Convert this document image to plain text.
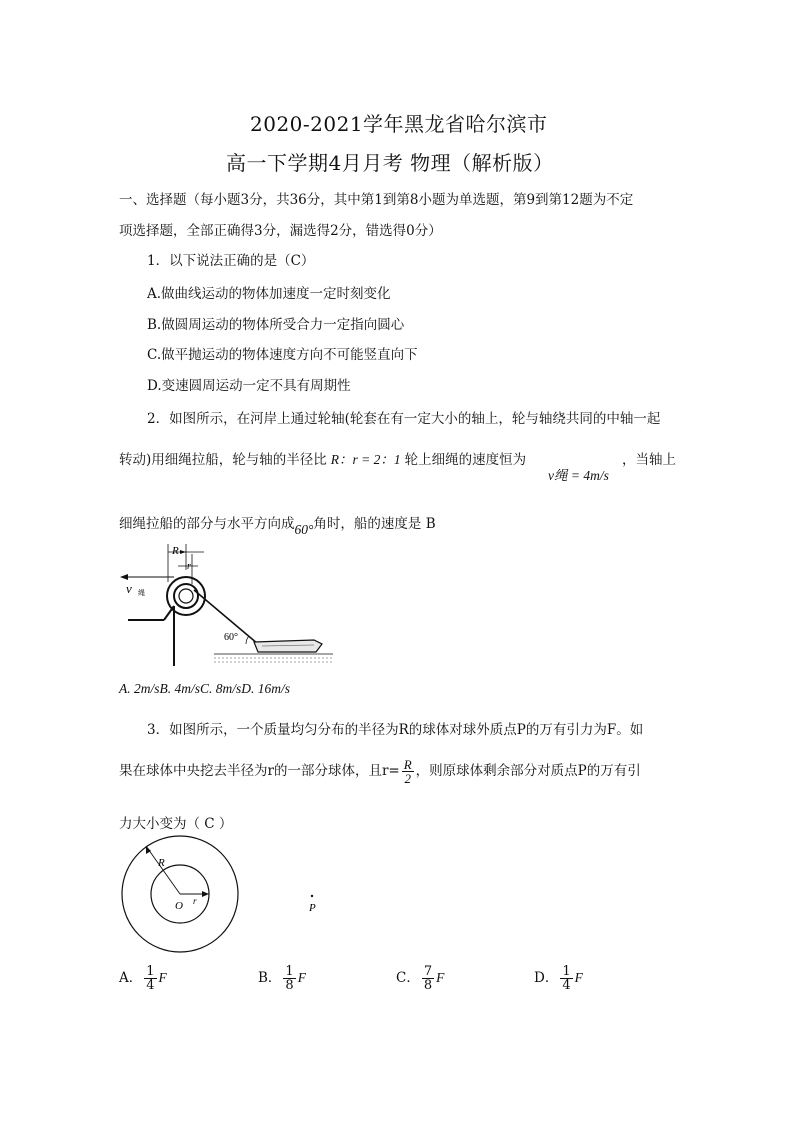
2020-2021学年黑龙省哈尔滨市
高一下学期4月月考 物理（解析版）
一、选择题（每小题3分，共36分，其中第1到第8小题为单选题，第9到第12题为不定
项选择题，全部正确得3分，漏选得2分，错选得0分）
1．以下说法正确的是（C）
A.做曲线运动的物体加速度一定时刻变化
B.做圆周运动的物体所受合力一定指向圆心
C.做平抛运动的物体速度方向不可能竖直向下
D.变速圆周运动一定不具有周期性
2．如图所示，在河岸上通过轮轴(轮套在有一定大小的轴上，轮与轴绕共同的中轴一起
转动)用细绳拉船，轮与轴的半径比 R：r = 2：1 轮上细绳的速度恒为
v绳 = 4m/s
，当轴上
细绳拉船的部分与水平方向成60°角时，船的速度是 B
R
r
v 绳
60°
A. 2m/sB. 4m/sC. 8m/sD. 16m/s
3．如图所示，一个质量均匀分布的半径为R的球体对球外质点P的万有引力为F。如
果在球体中央挖去半径为r的一部分球体，且$r= \frac{R}{2}$ ，则原球体剩余部分对质点P的万有引
力大小变为（ C ）
R
O r
P
A． $\frac{1}{4}$ F	B． $\frac{1}{8}$ F	C． $\frac{7}{8}$ F	D． $\frac{1}{4}$ F
